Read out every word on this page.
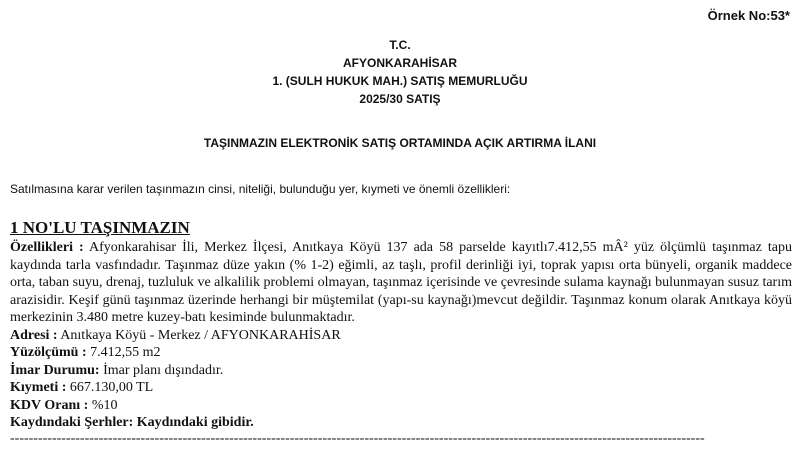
Örnek No:53*
T.C.
AFYONKARAHİSAR
1. (SULH HUKUK MAH.) SATIŞ MEMURLUĞU
2025/30 SATIŞ
TAŞINMAZIN ELEKTRONİK SATIŞ ORTAMINDA AÇIK ARTIRMA İLANI
Satılmasına karar verilen taşınmazın cinsi, niteliği, bulunduğu yer, kıymeti ve önemli özellikleri:
1 NO'LU TAŞINMAZIN
Özellikleri : Afyonkarahisar İli, Merkez İlçesi, Anıtkaya Köyü 137 ada 58 parselde kayıtlı7.412,55 mÂ² yüz ölçümlü taşınmaz tapu kaydında tarla vasfındadır. Taşınmaz düze yakın (% 1-2) eğimli, az taşlı, profil derinliği iyi, toprak yapısı orta bünyeli, organik maddece orta, taban suyu, drenaj, tuzluluk ve alkalilik problemi olmayan, taşınmaz içerisinde ve çevresinde sulama kaynağı bulunmayan susuz tarım arazisidir. Keşif günü taşınmaz üzerinde herhangi bir müştemilat (yapı-su kaynağı)mevcut değildir. Taşınmaz konum olarak Anıtkaya köyü merkezinin 3.480 metre kuzey-batı kesiminde bulunmaktadır.
Adresi : Anıtkaya Köyü - Merkez / AFYONKARAHİSAR
Yüzölçümü : 7.412,55 m2
İmar Durumu: İmar planı dışındadır.
Kıymeti : 667.130,00 TL
KDV Oranı : %10
Kaydındaki Şerhler: Kaydındaki gibidir.
-----------------------------------------------------------------------------------------------------------------------------------------------------
